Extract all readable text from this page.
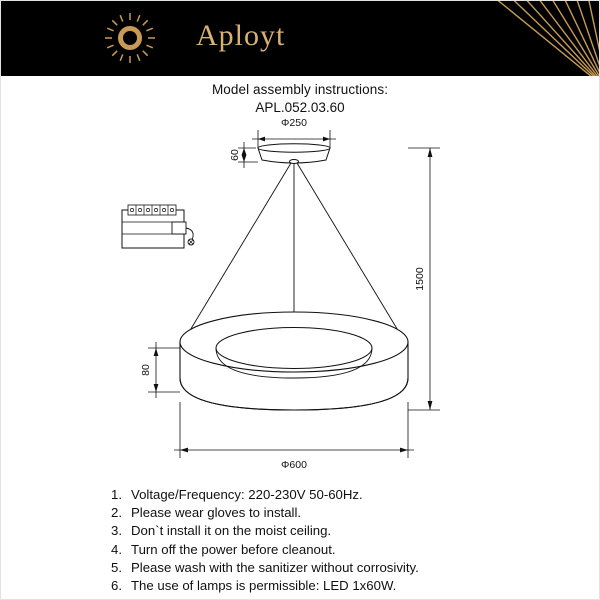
Aployt
Model assembly instructions:
APL.052.03.60
Φ250
60
80
1500
Φ600
1. Voltage/Frequency: 220-230V 50-60Hz.
2. Please wear gloves to install.
3. Don`t install it on the moist ceiling.
4. Turn off the power before cleanout.
5. Please wash with the sanitizer without corrosivity.
6. The use of lamps is permissible: LED 1x60W.
